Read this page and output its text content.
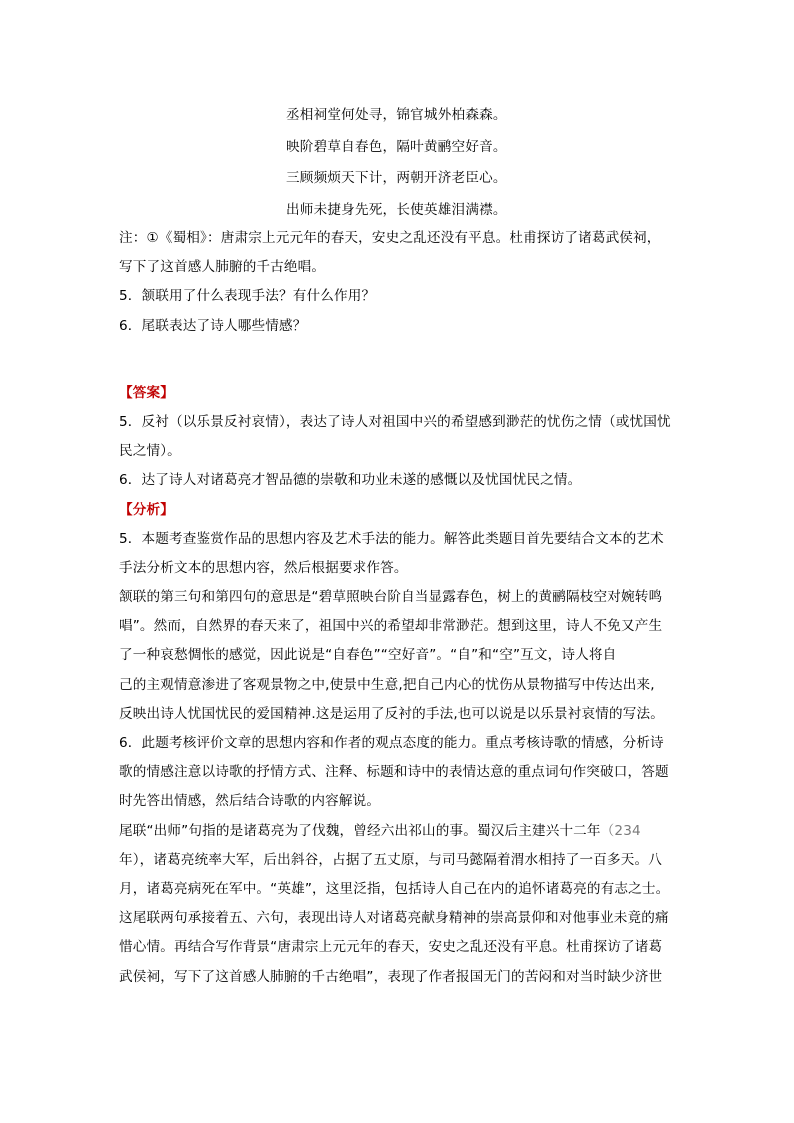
丞相祠堂何处寻，锦官城外柏森森。
映阶碧草自春色，隔叶黄鹂空好音。
三顾频烦天下计，两朝开济老臣心。
出师未捷身先死，长使英雄泪满襟。
注：①《蜀相》：唐肃宗上元元年的春天，安史之乱还没有平息。杜甫探访了诸葛武侯祠，
写下了这首感人肺腑的千古绝唱。
5．颔联用了什么表现手法？有什么作用？
6．尾联表达了诗人哪些情感？
【答案】
5．反衬（以乐景反衬哀情），表达了诗人对祖国中兴的希望感到渺茫的忧伤之情（或忧国忧
民之情）。
6．达了诗人对诸葛亮才智品德的崇敬和功业未遂的感慨以及忧国忧民之情。
【分析】
5．本题考查鉴赏作品的思想内容及艺术手法的能力。解答此类题目首先要结合文本的艺术
手法分析文本的思想内容，然后根据要求作答。
颔联的第三句和第四句的意思是“碧草照映台阶自当显露春色，树上的黄鹂隔枝空对婉转鸣
唱”。然而，自然界的春天来了，祖国中兴的希望却非常渺茫。想到这里，诗人不免又产生
了一种哀愁惆怅的感觉，因此说是“自春色”“空好音”。“自”和“空”互文，诗人将自
己的主观情意渗进了客观景物之中,使景中生意,把自己内心的忧伤从景物描写中传达出来,
反映出诗人忧国忧民的爱国精神.这是运用了反衬的手法,也可以说是以乐景衬哀情的写法。
6．此题考核评价文章的思想内容和作者的观点态度的能力。重点考核诗歌的情感，分析诗
歌的情感注意以诗歌的抒情方式、注释、标题和诗中的表情达意的重点词句作突破口，答题
时先答出情感，然后结合诗歌的内容解说。
尾联“出师”句指的是诸葛亮为了伐魏，曾经六出祁山的事。蜀汉后主建兴十二年（234
年），诸葛亮统率大军，后出斜谷，占据了五丈原，与司马懿隔着渭水相持了一百多天。八
月，诸葛亮病死在军中。“英雄”，这里泛指，包括诗人自己在内的追怀诸葛亮的有志之士。
这尾联两句承接着五、六句，表现出诗人对诸葛亮献身精神的崇高景仰和对他事业未竟的痛
惜心情。再结合写作背景“唐肃宗上元元年的春天，安史之乱还没有平息。杜甫探访了诸葛
武侯祠，写下了这首感人肺腑的千古绝唱”，表现了作者报国无门的苦闷和对当时缺少济世
